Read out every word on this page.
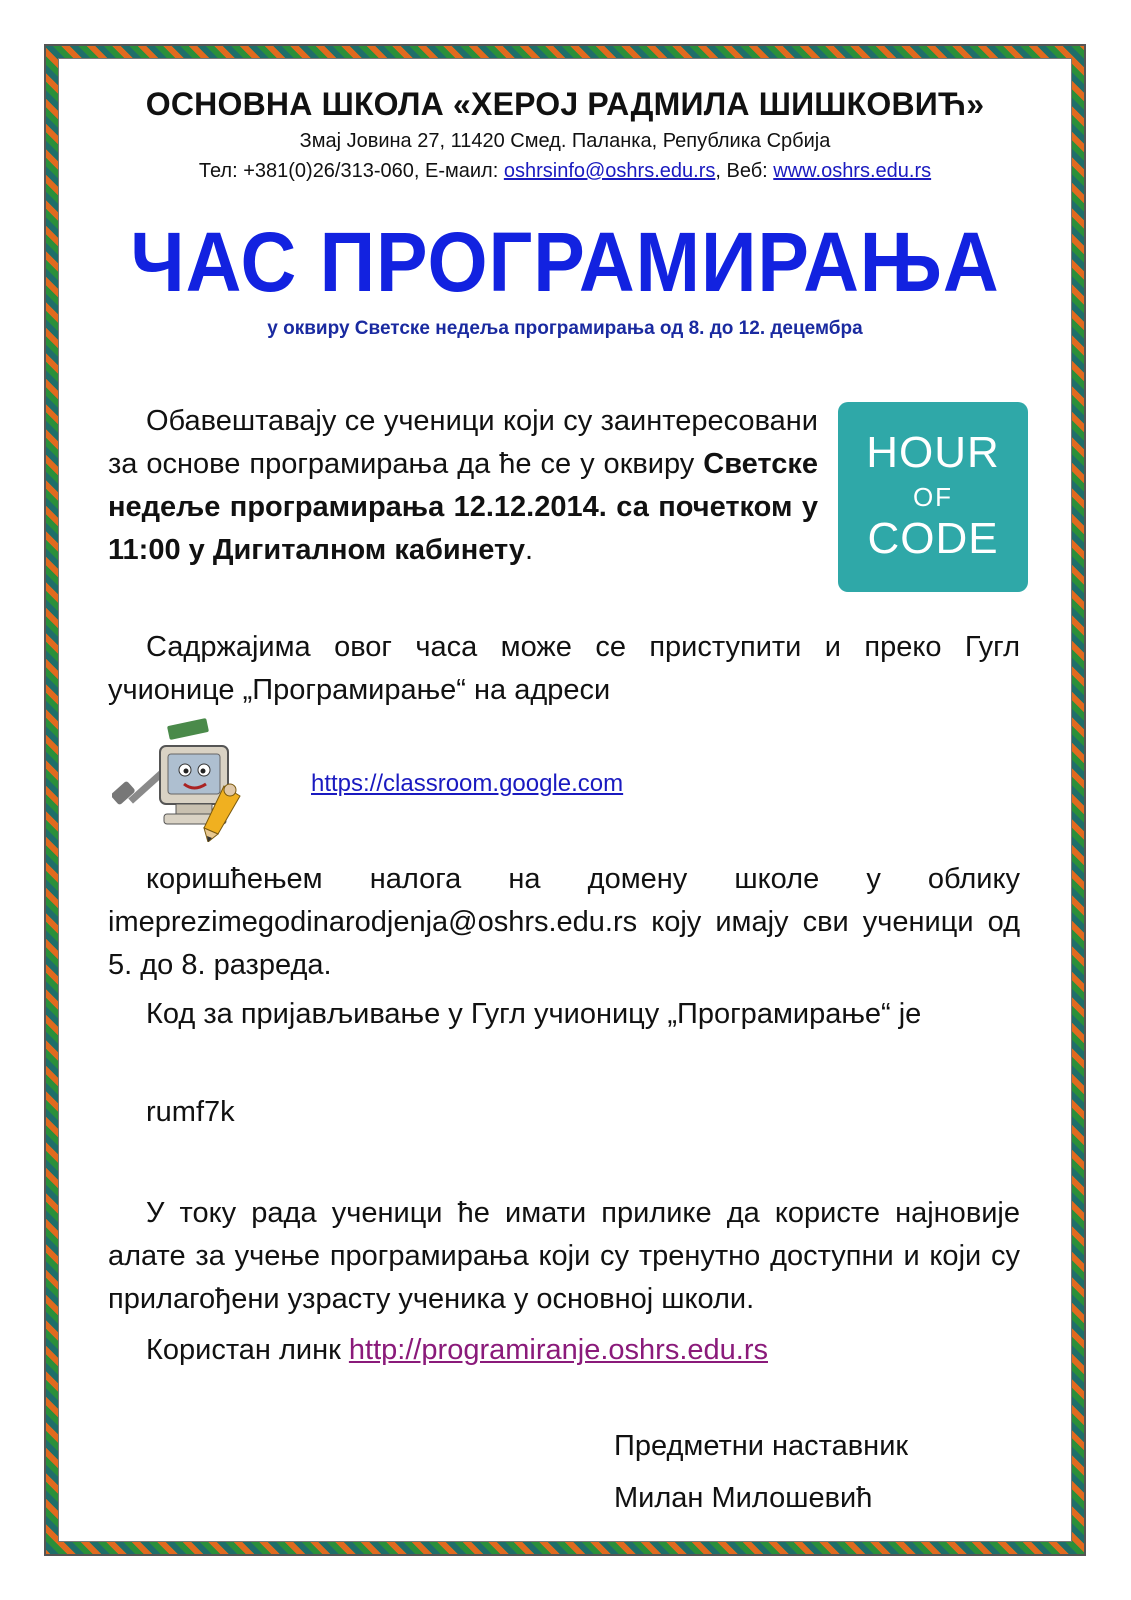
ОСНОВНА ШКОЛА «ХЕРОЈ РАДМИЛА ШИШКОВИЋ»
Змај Јовина 27, 11420 Смед. Паланка, Република Србија
Тел: +381(0)26/313-060, Е-маил: oshrsinfo@oshrs.edu.rs, Веб: www.oshrs.edu.rs
ЧАС ПРОГРАМИРАЊА
у оквиру Светске недеља програмирања од 8. до 12. децембра
Обавештавају се ученици који су заинтересовани за основе програмирања да ће се у оквиру Светске недеље програмирања 12.12.2014. са почетком у 11:00 у Дигиталном кабинету.
HOUR
OF
CODE
Садржајима овог часа може се приступити и преко Гугл учионице „Програмирање“ на адреси
https://classroom.google.com
коришћењем налога на домену школе у облику imeprezimegodinarodjenja@oshrs.edu.rs коју имају сви ученици од 5. до 8. разреда.
Код за пријављивање у Гугл учионицу „Програмирање“ је
rumf7k
У току рада ученици ће имати прилике да користе најновије алате за учење програмирања који су тренутно доступни и који су прилагођени узрасту ученика у основној школи.
Користан линк http://programiranje.oshrs.edu.rs
Предметни наставник
Милан Милошевић
